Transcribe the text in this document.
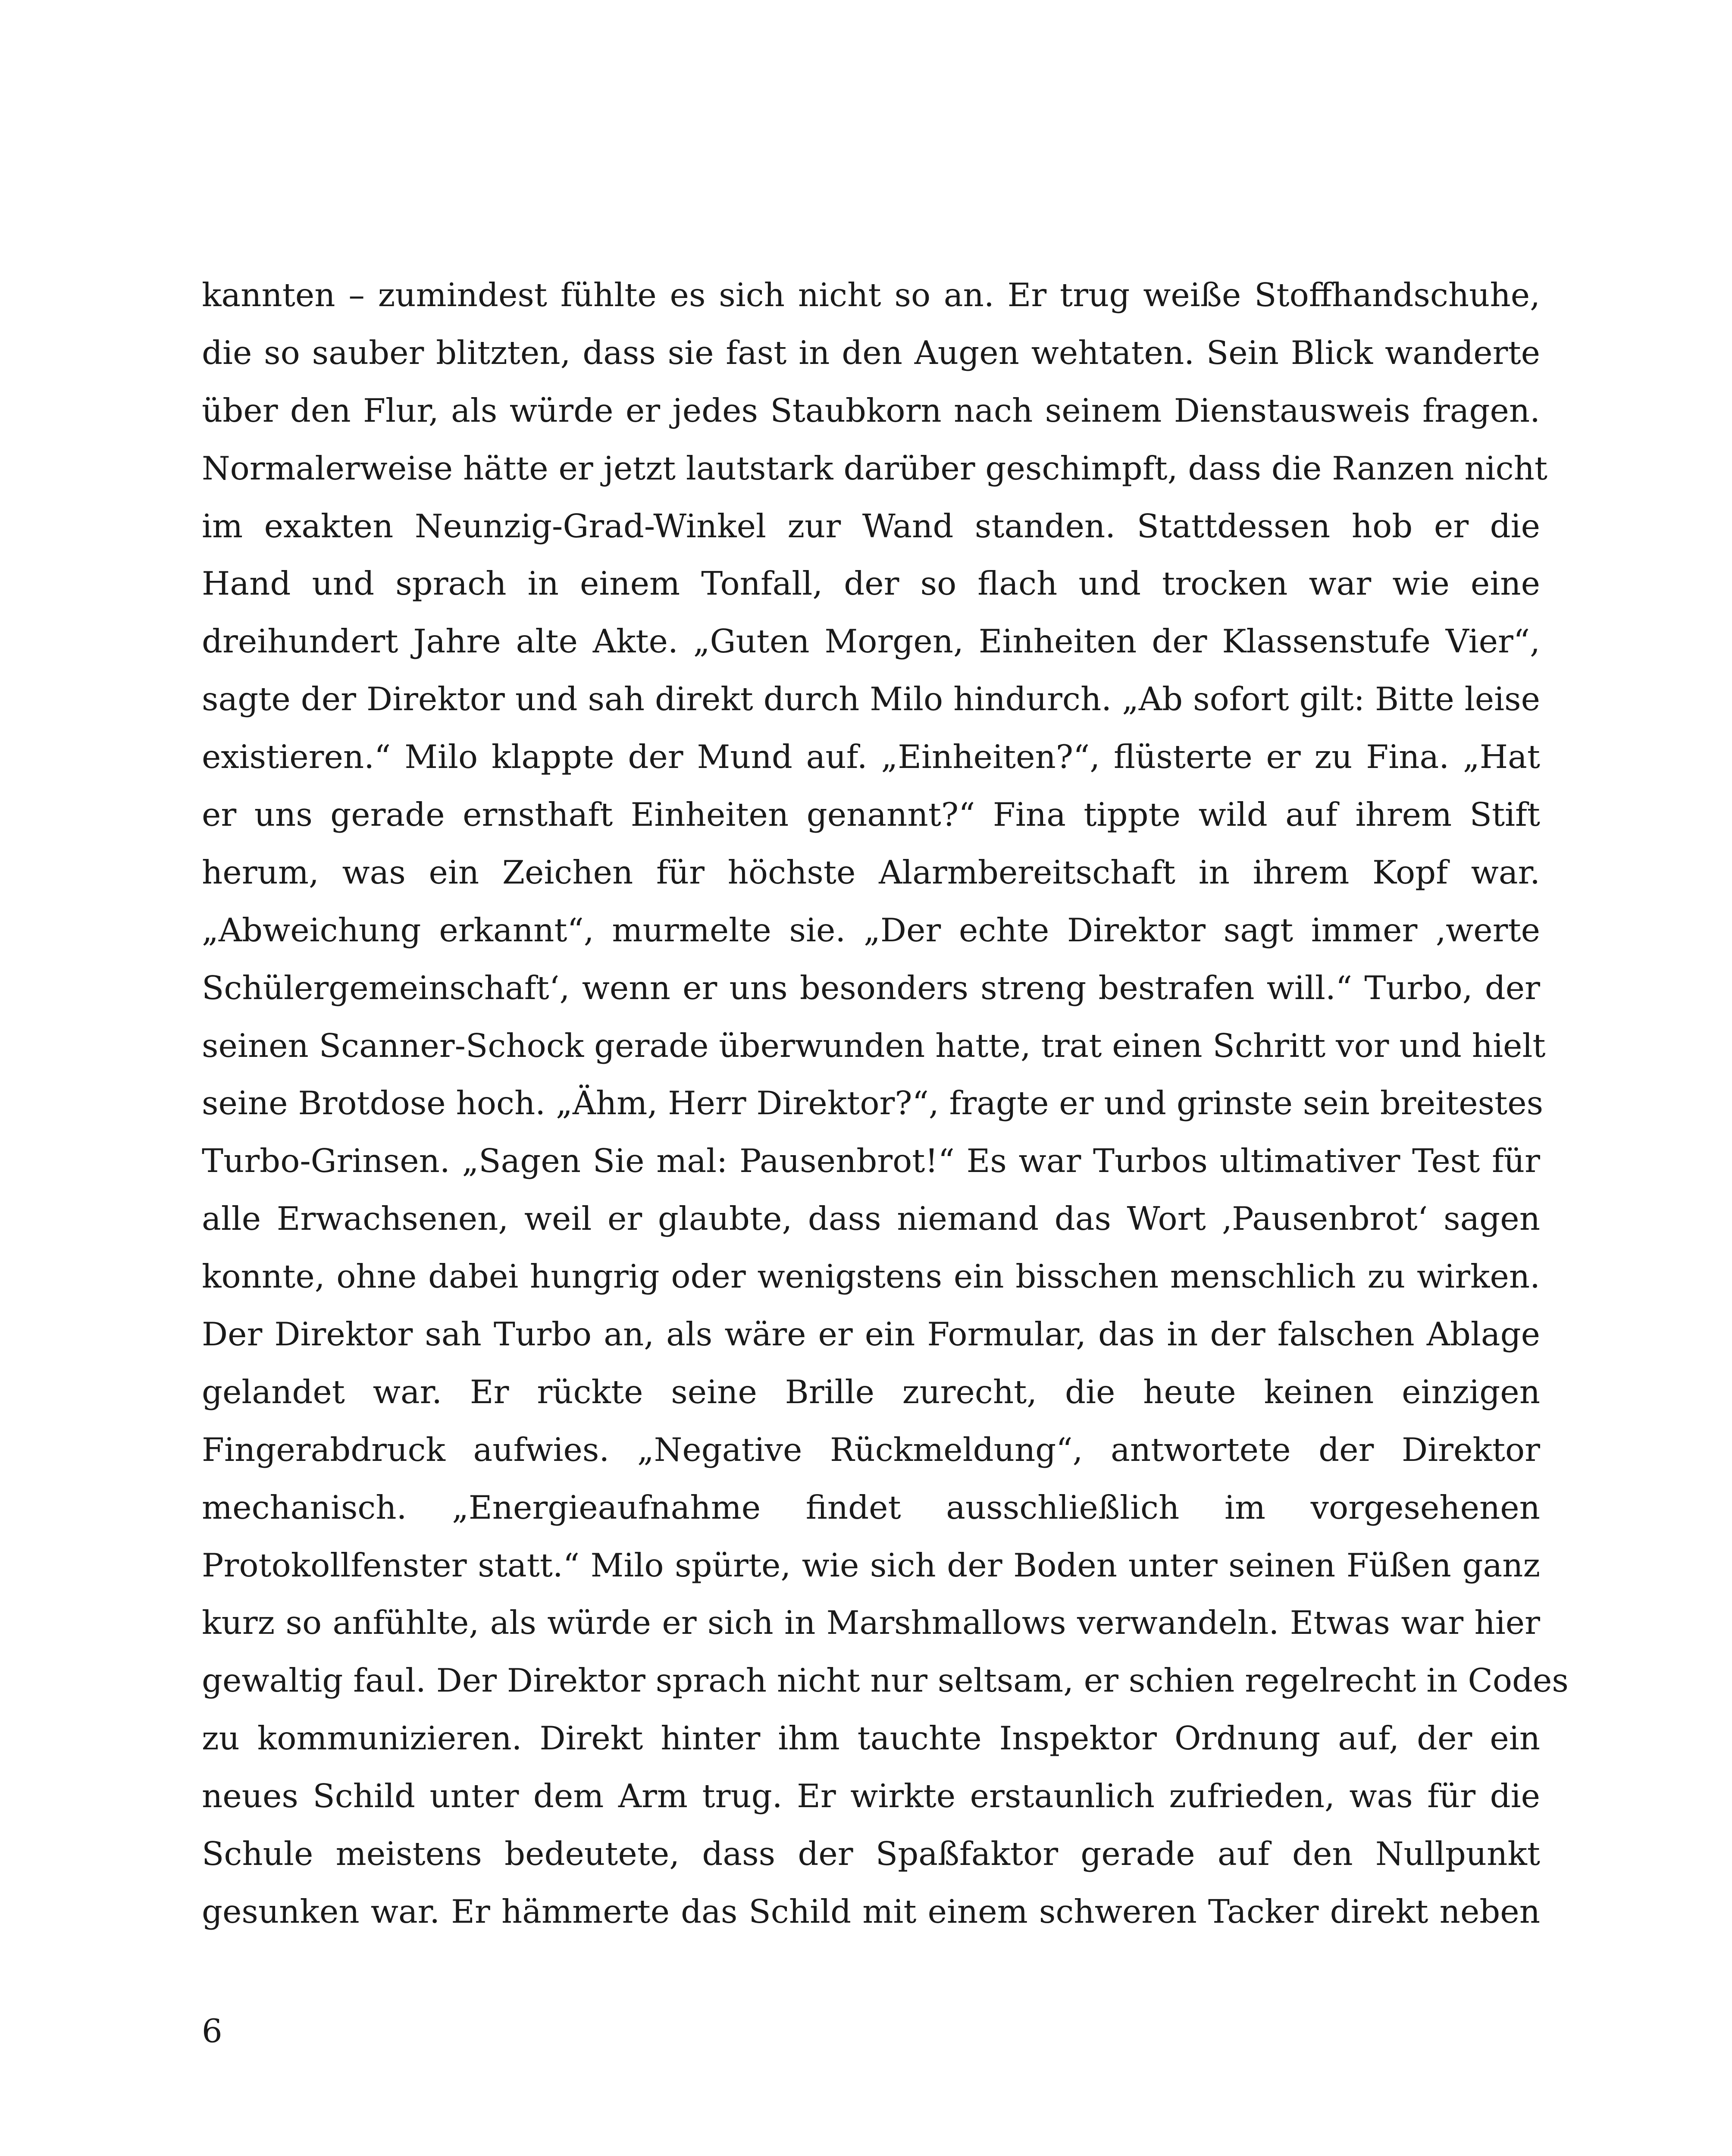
kannten – zumindest fühlte es sich nicht so an. Er trug weiße Stoffhandschuhe,
die so sauber blitzten, dass sie fast in den Augen wehtaten. Sein Blick wanderte
über den Flur, als würde er jedes Staubkorn nach seinem Dienstausweis fragen.
Normalerweise hätte er jetzt lautstark darüber geschimpft, dass die Ranzen nicht
im exakten Neunzig-Grad-Winkel zur Wand standen. Stattdessen hob er die
Hand und sprach in einem Tonfall, der so flach und trocken war wie eine
dreihundert Jahre alte Akte. „Guten Morgen, Einheiten der Klassenstufe Vier“,
sagte der Direktor und sah direkt durch Milo hindurch. „Ab sofort gilt: Bitte leise
existieren.“ Milo klappte der Mund auf. „Einheiten?“, flüsterte er zu Fina. „Hat
er uns gerade ernsthaft Einheiten genannt?“ Fina tippte wild auf ihrem Stift
herum, was ein Zeichen für höchste Alarmbereitschaft in ihrem Kopf war.
„Abweichung erkannt“, murmelte sie. „Der echte Direktor sagt immer ‚werte
Schülergemeinschaft‘, wenn er uns besonders streng bestrafen will.“ Turbo, der
seinen Scanner-Schock gerade überwunden hatte, trat einen Schritt vor und hielt
seine Brotdose hoch. „Ähm, Herr Direktor?“, fragte er und grinste sein breitestes
Turbo-Grinsen. „Sagen Sie mal: Pausenbrot!“ Es war Turbos ultimativer Test für
alle Erwachsenen, weil er glaubte, dass niemand das Wort ‚Pausenbrot‘ sagen
konnte, ohne dabei hungrig oder wenigstens ein bisschen menschlich zu wirken.
Der Direktor sah Turbo an, als wäre er ein Formular, das in der falschen Ablage
gelandet war. Er rückte seine Brille zurecht, die heute keinen einzigen
Fingerabdruck aufwies. „Negative Rückmeldung“, antwortete der Direktor
mechanisch. „Energieaufnahme findet ausschließlich im vorgesehenen
Protokollfenster statt.“ Milo spürte, wie sich der Boden unter seinen Füßen ganz
kurz so anfühlte, als würde er sich in Marshmallows verwandeln. Etwas war hier
gewaltig faul. Der Direktor sprach nicht nur seltsam, er schien regelrecht in Codes
zu kommunizieren. Direkt hinter ihm tauchte Inspektor Ordnung auf, der ein
neues Schild unter dem Arm trug. Er wirkte erstaunlich zufrieden, was für die
Schule meistens bedeutete, dass der Spaßfaktor gerade auf den Nullpunkt
gesunken war. Er hämmerte das Schild mit einem schweren Tacker direkt neben
6
